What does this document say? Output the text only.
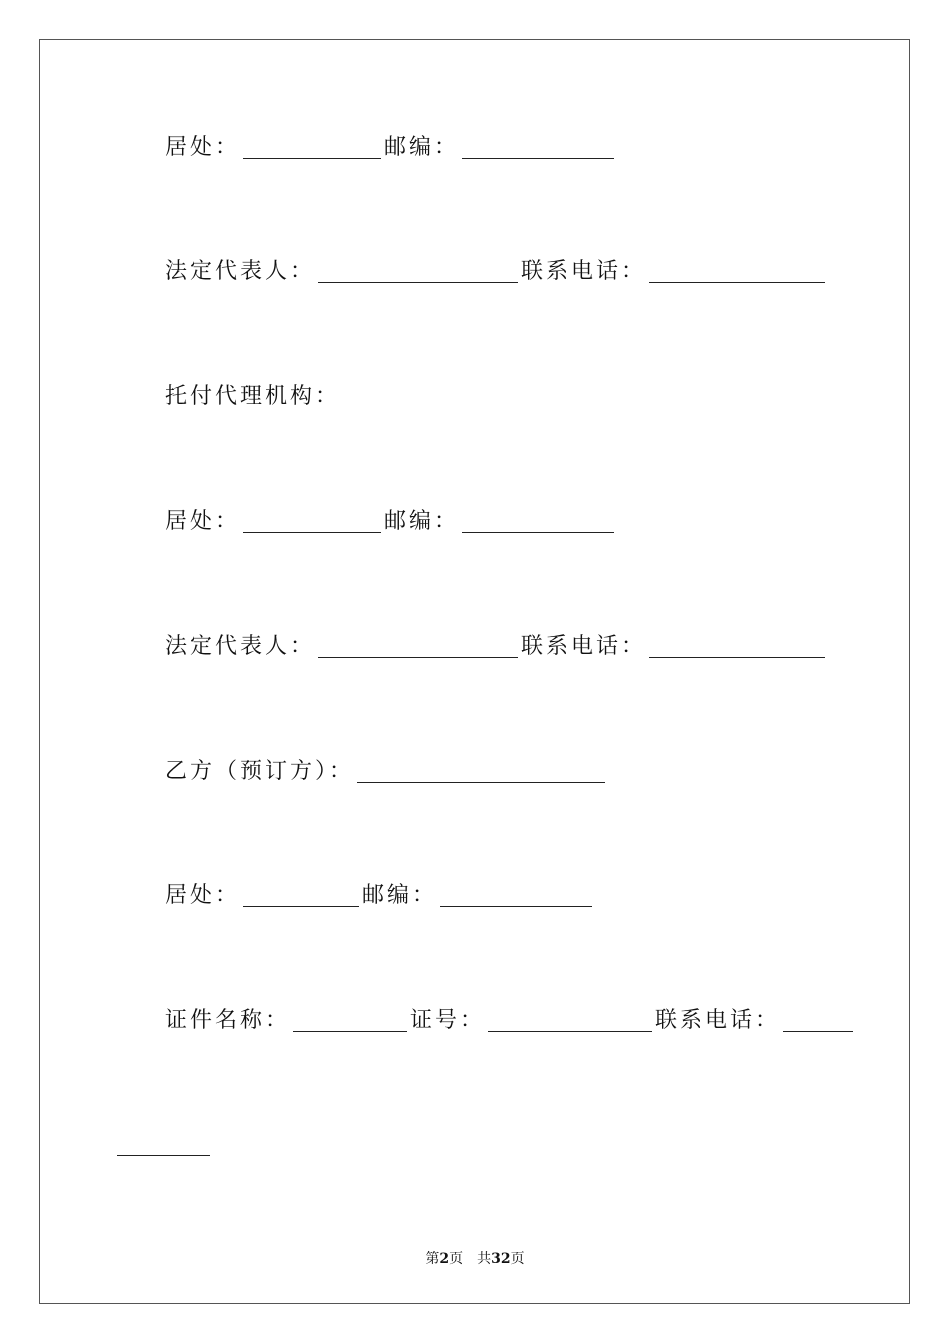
居处：	邮编：
法定代表人：	联系电话：
托付代理机构：
居处：	邮编：
法定代表人：	联系电话：
乙方（预订方）：
居处：	邮编：
证件名称：	证号：	联系电话：
第2页　共32页
